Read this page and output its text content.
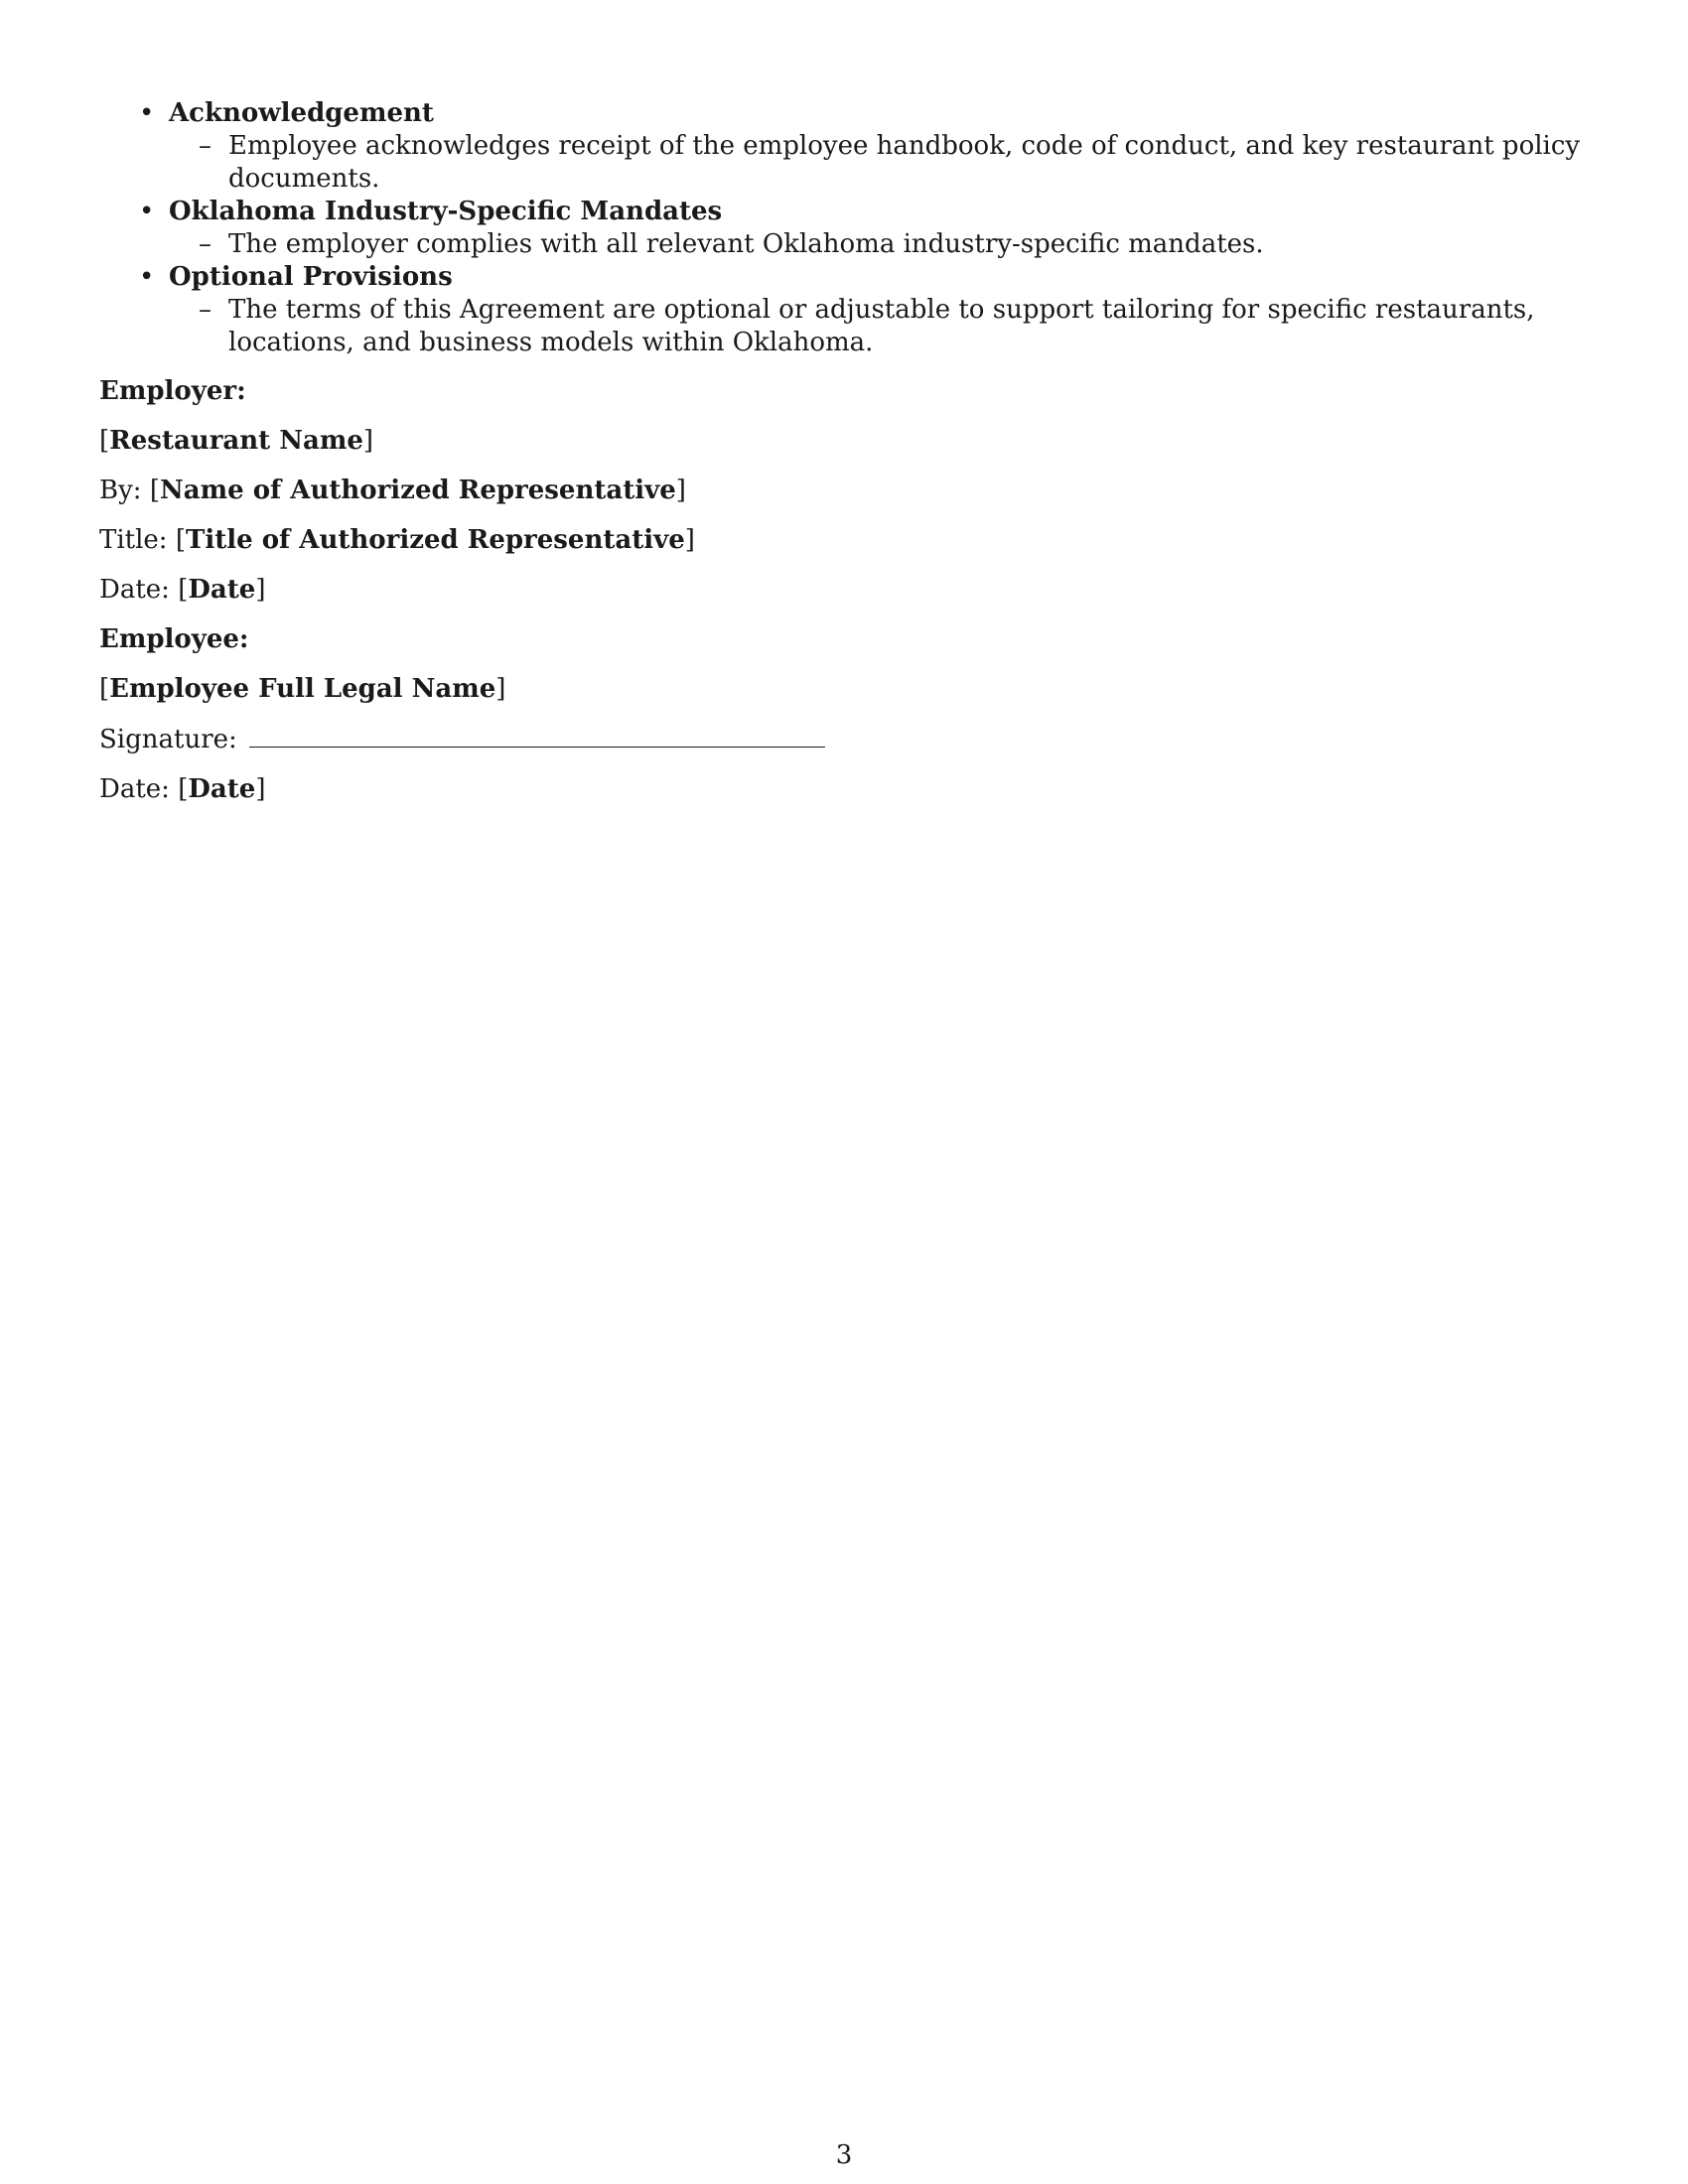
• Acknowledgement
– Employee acknowledges receipt of the employee handbook, code of conduct, and key restaurant policy documents.
• Oklahoma Industry-Specific Mandates
– The employer complies with all relevant Oklahoma industry-specific mandates.
• Optional Provisions
– The terms of this Agreement are optional or adjustable to support tailoring for specific restaurants, locations, and business models within Oklahoma.

Employer:

[Restaurant Name]

By: [Name of Authorized Representative]

Title: [Title of Authorized Representative]

Date: [Date]

Employee:

[Employee Full Legal Name]

Signature:

Date: [Date]

3
